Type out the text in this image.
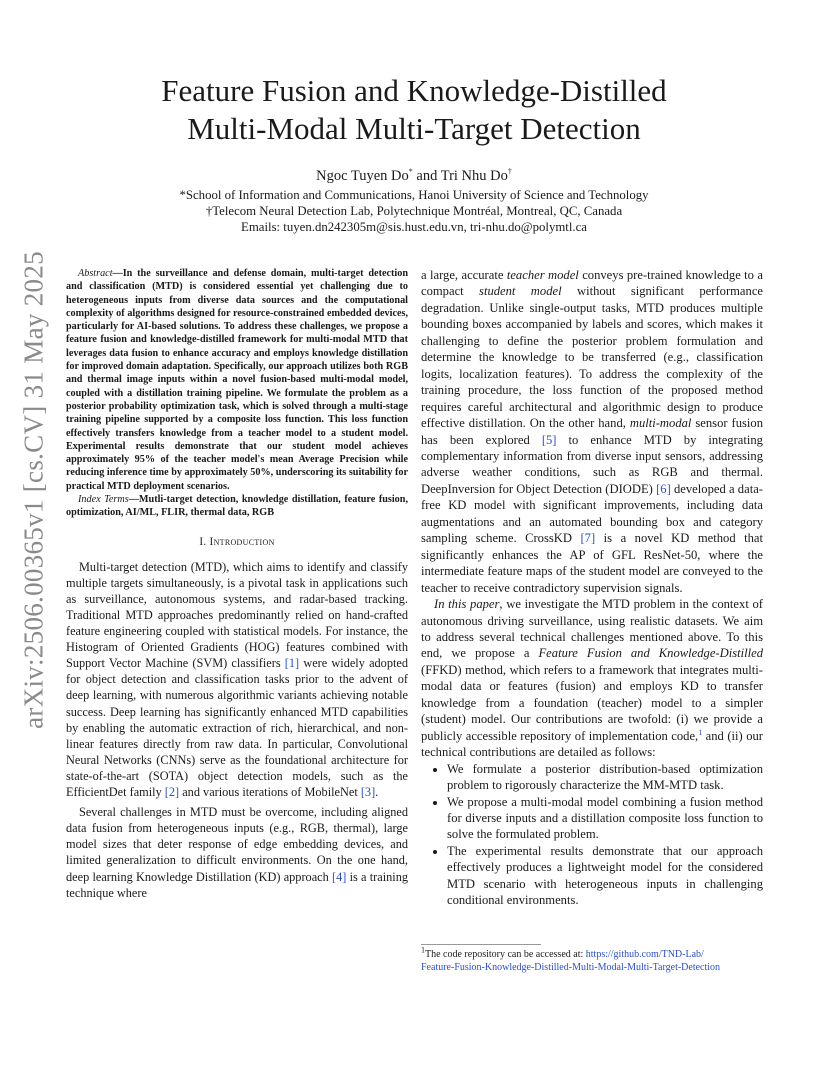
arXiv:2506.00365v1 [cs.CV] 31 May 2025
Feature Fusion and Knowledge-Distilled
Multi-Modal Multi-Target Detection
Ngoc Tuyen Do* and Tri Nhu Do†
*School of Information and Communications, Hanoi University of Science and Technology
†Telecom Neural Detection Lab, Polytechnique Montréal, Montreal, QC, Canada
Emails: tuyen.dn242305m@sis.hust.edu.vn, tri-nhu.do@polymtl.ca

Abstract—In the surveillance and defense domain, multi-target detection and classification (MTD) is considered essential yet challenging due to heterogeneous inputs from diverse data sources and the computational complexity of algorithms designed for resource-constrained embedded devices, particularly for AI-based solutions. To address these challenges, we propose a feature fusion and knowledge-distilled framework for multi-modal MTD that leverages data fusion to enhance accuracy and employs knowledge distillation for improved domain adaptation. Specifically, our approach utilizes both RGB and thermal image inputs within a novel fusion-based multi-modal model, coupled with a distillation training pipeline. We formulate the problem as a posterior probability optimization task, which is solved through a multi-stage training pipeline supported by a composite loss function. This loss function effectively transfers knowledge from a teacher model to a student model. Experimental results demonstrate that our student model achieves approximately 95% of the teacher model's mean Average Precision while reducing inference time by approximately 50%, underscoring its suitability for practical MTD deployment scenarios.

Index Terms—Mutli-target detection, knowledge distillation, feature fusion, optimization, AI/ML, FLIR, thermal data, RGB

I. Introduction

Multi-target detection (MTD), which aims to identify and classify multiple targets simultaneously, is a pivotal task in applications such as surveillance, autonomous systems, and radar-based tracking. Traditional MTD approaches predominantly relied on hand-crafted feature engineering coupled with statistical models. For instance, the Histogram of Oriented Gradients (HOG) features combined with Support Vector Machine (SVM) classifiers [1] were widely adopted for object detection and classification tasks prior to the advent of deep learning, with numerous algorithmic variants achieving notable success. Deep learning has significantly enhanced MTD capabilities by enabling the automatic extraction of rich, hierarchical, and non-linear features directly from raw data. In particular, Convolutional Neural Networks (CNNs) serve as the foundational architecture for state-of-the-art (SOTA) object detection models, such as the EfficientDet family [2] and various iterations of MobileNet [3].

Several challenges in MTD must be overcome, including aligned data fusion from heterogeneous inputs (e.g., RGB, thermal), large model sizes that deter response of edge embedding devices, and limited generalization to difficult environments. On the one hand, deep learning Knowledge Distillation (KD) approach [4] is a training technique where

a large, accurate teacher model conveys pre-trained knowledge to a compact student model without significant performance degradation. Unlike single-output tasks, MTD produces multiple bounding boxes accompanied by labels and scores, which makes it challenging to define the posterior problem formulation and determine the knowledge to be transferred (e.g., classification logits, localization features). To address the complexity of the training procedure, the loss function of the proposed method requires careful architectural and algorithmic design to produce effective distillation. On the other hand, multi-modal sensor fusion has been explored [5] to enhance MTD by integrating complementary information from diverse input sensors, addressing adverse weather conditions, such as RGB and thermal. DeepInversion for Object Detection (DIODE) [6] developed a data-free KD model with significant improvements, including data augmentations and an automated bounding box and category sampling scheme. CrossKD [7] is a novel KD method that significantly enhances the AP of GFL ResNet-50, where the intermediate feature maps of the student model are conveyed to the teacher to receive contradictory supervision signals.

In this paper, we investigate the MTD problem in the context of autonomous driving surveillance, using realistic datasets. We aim to address several technical challenges mentioned above. To this end, we propose a Feature Fusion and Knowledge-Distilled (FFKD) method, which refers to a framework that integrates multi-modal data or features (fusion) and employs KD to transfer knowledge from a foundation (teacher) model to a simpler (student) model. Our contributions are twofold: (i) we provide a publicly accessible repository of implementation code,$^1$ and (ii) our technical contributions are detailed as follows:

• We formulate a posterior distribution-based optimization problem to rigorously characterize the MM-MTD task.
• We propose a multi-modal model combining a fusion method for diverse inputs and a distillation composite loss function to solve the formulated problem.
• The experimental results demonstrate that our approach effectively produces a lightweight model for the considered MTD scenario with heterogeneous inputs in challenging conditional environments.
$^1$The code repository can be accessed at: https://github.com/TND-Lab/
Feature-Fusion-Knowledge-Distilled-Multi-Modal-Multi-Target-Detection
